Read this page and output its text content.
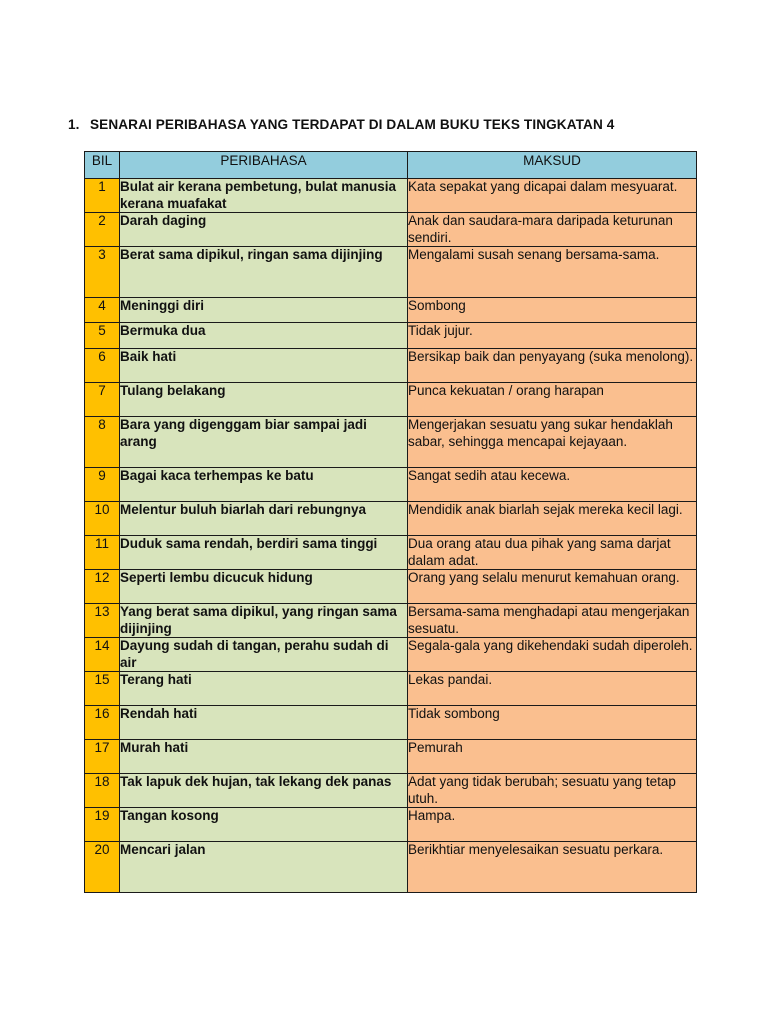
1. SENARAI PERIBAHASA YANG TERDAPAT DI DALAM BUKU TEKS TINGKATAN 4
BIL	PERIBAHASA	MAKSUD
1	Bulat air kerana pembetung, bulat manusia kerana muafakat	Kata sepakat yang dicapai dalam mesyuarat.
2	Darah daging	Anak dan saudara-mara daripada keturunan sendiri.
3	Berat sama dipikul, ringan sama dijinjing	Mengalami susah senang bersama-sama.
4	Meninggi diri	Sombong
5	Bermuka dua	Tidak jujur.
6	Baik hati	Bersikap baik dan penyayang (suka menolong).
7	Tulang belakang	Punca kekuatan / orang harapan
8	Bara yang digenggam biar sampai jadi arang	Mengerjakan sesuatu yang sukar hendaklah sabar, sehingga mencapai kejayaan.
9	Bagai kaca terhempas ke batu	Sangat sedih atau kecewa.
10	Melentur buluh biarlah dari rebungnya	Mendidik anak biarlah sejak mereka kecil lagi.
11	Duduk sama rendah, berdiri sama tinggi	Dua orang atau dua pihak yang sama darjat dalam adat.
12	Seperti lembu dicucuk hidung	Orang yang selalu menurut kemahuan orang.
13	Yang berat sama dipikul, yang ringan sama dijinjing	Bersama-sama menghadapi atau mengerjakan sesuatu.
14	Dayung sudah di tangan, perahu sudah di air	Segala-gala yang dikehendaki sudah diperoleh.
15	Terang hati	Lekas pandai.
16	Rendah hati	Tidak sombong
17	Murah hati	Pemurah
18	Tak lapuk dek hujan, tak lekang dek panas	Adat yang tidak berubah; sesuatu yang tetap utuh.
19	Tangan kosong	Hampa.
20	Mencari jalan	Berikhtiar menyelesaikan sesuatu perkara.
